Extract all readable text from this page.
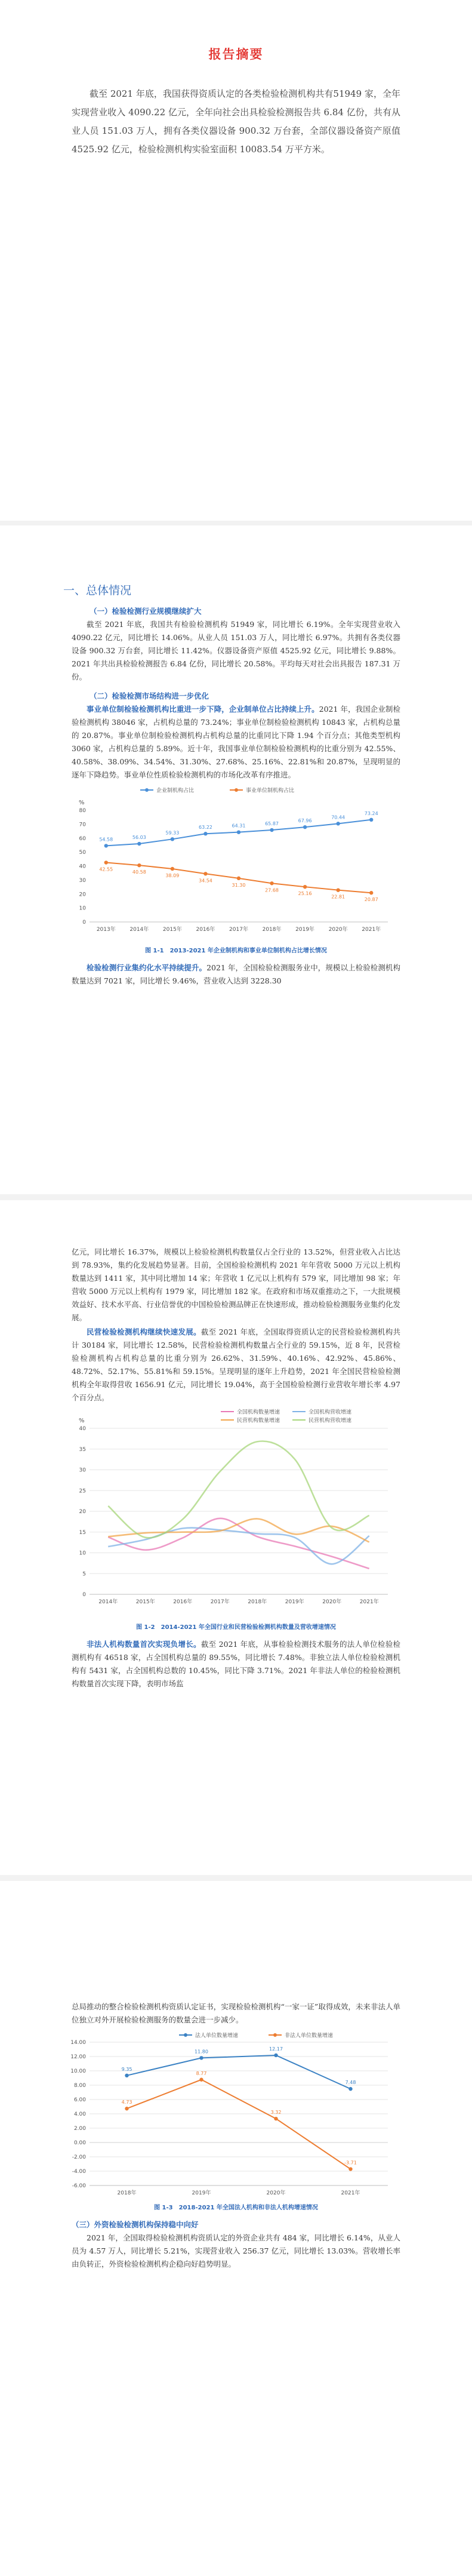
报告摘要
截至 2021 年底，我国获得资质认定的各类检验检测机构共有51949 家，全年实现营业收入 4090.22 亿元，全年向社会出具检验检测报告共 6.84 亿份，共有从业人员 151.03 万人，拥有各类仪器设备 900.32 万台套，全部仪器设备资产原值 4525.92 亿元，检验检测机构实验室面积 10083.54 万平方米。
一、总体情况
（一）检验检测行业规模继续扩大

截至 2021 年底，我国共有检验检测机构 51949 家，同比增长 6.19%。全年实现营业收入 4090.22 亿元，同比增长 14.06%。从业人员 151.03 万人，同比增长 6.97%。共拥有各类仪器设备 900.32 万台套，同比增长 11.42%。仪器设备资产原值 4525.92 亿元，同比增长 9.88%。2021 年共出具检验检测报告 6.84 亿份，同比增长 20.58%。平均每天对社会出具报告 187.31 万份。

（二）检验检测市场结构进一步优化

事业单位制检验检测机构比重进一步下降，企业制单位占比持续上升。2021 年，我国企业制检验检测机构 38046 家，占机构总量的 73.24%；事业单位制检验检测机构 10843 家，占机构总量的 20.87%。事业单位制检验检测机构占机构总量的比重同比下降 1.94 个百分点；其他类型机构 3060 家，占机构总量的 5.89%。近十年，我国事业单位制检验检测机构的比重分别为 42.55%、40.58%、38.09%、34.54%、31.30%、27.68%、25.16%、22.81%和 20.87%，呈现明显的逐年下降趋势。事业单位性质检验检测机构的市场化改革有序推进。

企业制机构占比	事业单位制机构占比
0
10
20
30
40
50
60
70
80
%
2013年	2014年	2015年	2016年	2017年	2018年	2019年	2020年	2021年
54.58	56.03
59.33
63.22	64.31	65.87
67.96
70.44
73.24
42.55
40.58
38.09
34.54
31.30
27.68
25.16
22.81
20.87
图 1-1　2013-2021 年企业制机构和事业单位制机构占比增长情况

检验检测行业集约化水平持续提升。2021 年，全国检验检测服务业中，规模以上检验检测机构数量达到 7021 家，同比增长 9.46%，营业收入达到 3228.30

亿元，同比增长 16.37%，规模以上检验检测机构数量仅占全行业的 13.52%，但营业收入占比达到 78.93%，集约化发展趋势显著。目前，全国检验检测机构 2021 年年营收 5000 万元以上机构数量达到 1411 家，其中同比增加 14 家；年营收 1 亿元以上机构有 579 家，同比增加 98 家；年营收 5000 万元以上机构有 1979 家，同比增加 182 家。在政府和市场双重推动之下，一大批规模效益好、技术水平高、行业信誉优的中国检验检测品牌正在快速形成，推动检验检测服务业集约化发展。

民营检验检测机构继续快速发展。截至 2021 年底，全国取得资质认定的民营检验检测机构共计 30184 家，同比增长 12.58%，民营检验检测机构数量占全行业的 59.15%，近 8 年，民营检验检测机构占机构总量的比重分别为 26.62%、31.59%、40.16%、42.92%、45.86%、48.72%、52.17%、55.81%和 59.15%。呈现明显的逐年上升趋势，2021 年全国民营检验检测机构全年取得营收 1656.91 亿元，同比增长 19.04%，高于全国检验检测行业营收年增长率 4.97 个百分点。

全国机构数量增速	全国机构营收增速
民营机构数量增速	民营机构营收增速
0
5
10
15
20
25
30
35
40
%
2014年	2015年	2016年	2017年	2018年	2019年	2020年	2021年
图 1-2　2014-2021 年全国行业和民营检验检测机构数量及营收增速情况

非法人机构数量首次实现负增长。截至 2021 年底，从事检验检测技术服务的法人单位检验检测机构有 46518 家，占全国机构总量的 89.55%，同比增长 7.48%。非独立法人单位检验检测机构有 5431 家，占全国机构总数的 10.45%，同比下降 3.71%。2021 年非法人单位的检验检测机构数量首次实现下降，表明市场监

总局推动的整合检验检测机构资质认定证书，实现检验检测机构“一家一证”取得成效，未来非法人单位独立对外开展检验检测服务的数量会进一步减少。

法人单位数量增速	非法人单位数量增速
-6.00
-4.00
-2.00
0.00
2.00
4.00
6.00
8.00
10.00
12.00
14.00
2018年	2019年	2020年	2021年
9.35
11.80	12.17
7.48
4.73
8.77
3.32
-3.71
图 1-3　2018-2021 年全国法人机构和非法人机构增速情况
（三）外资检验检测机构保持稳中向好

2021 年，全国取得检验检测机构资质认定的外资企业共有 484 家，同比增长 6.14%，从业人员为 4.57 万人，同比增长 5.21%，实现营业收入 256.37 亿元，同比增长 13.03%。营收增长率由负转正，外资检验检测机构企稳向好趋势明显。
